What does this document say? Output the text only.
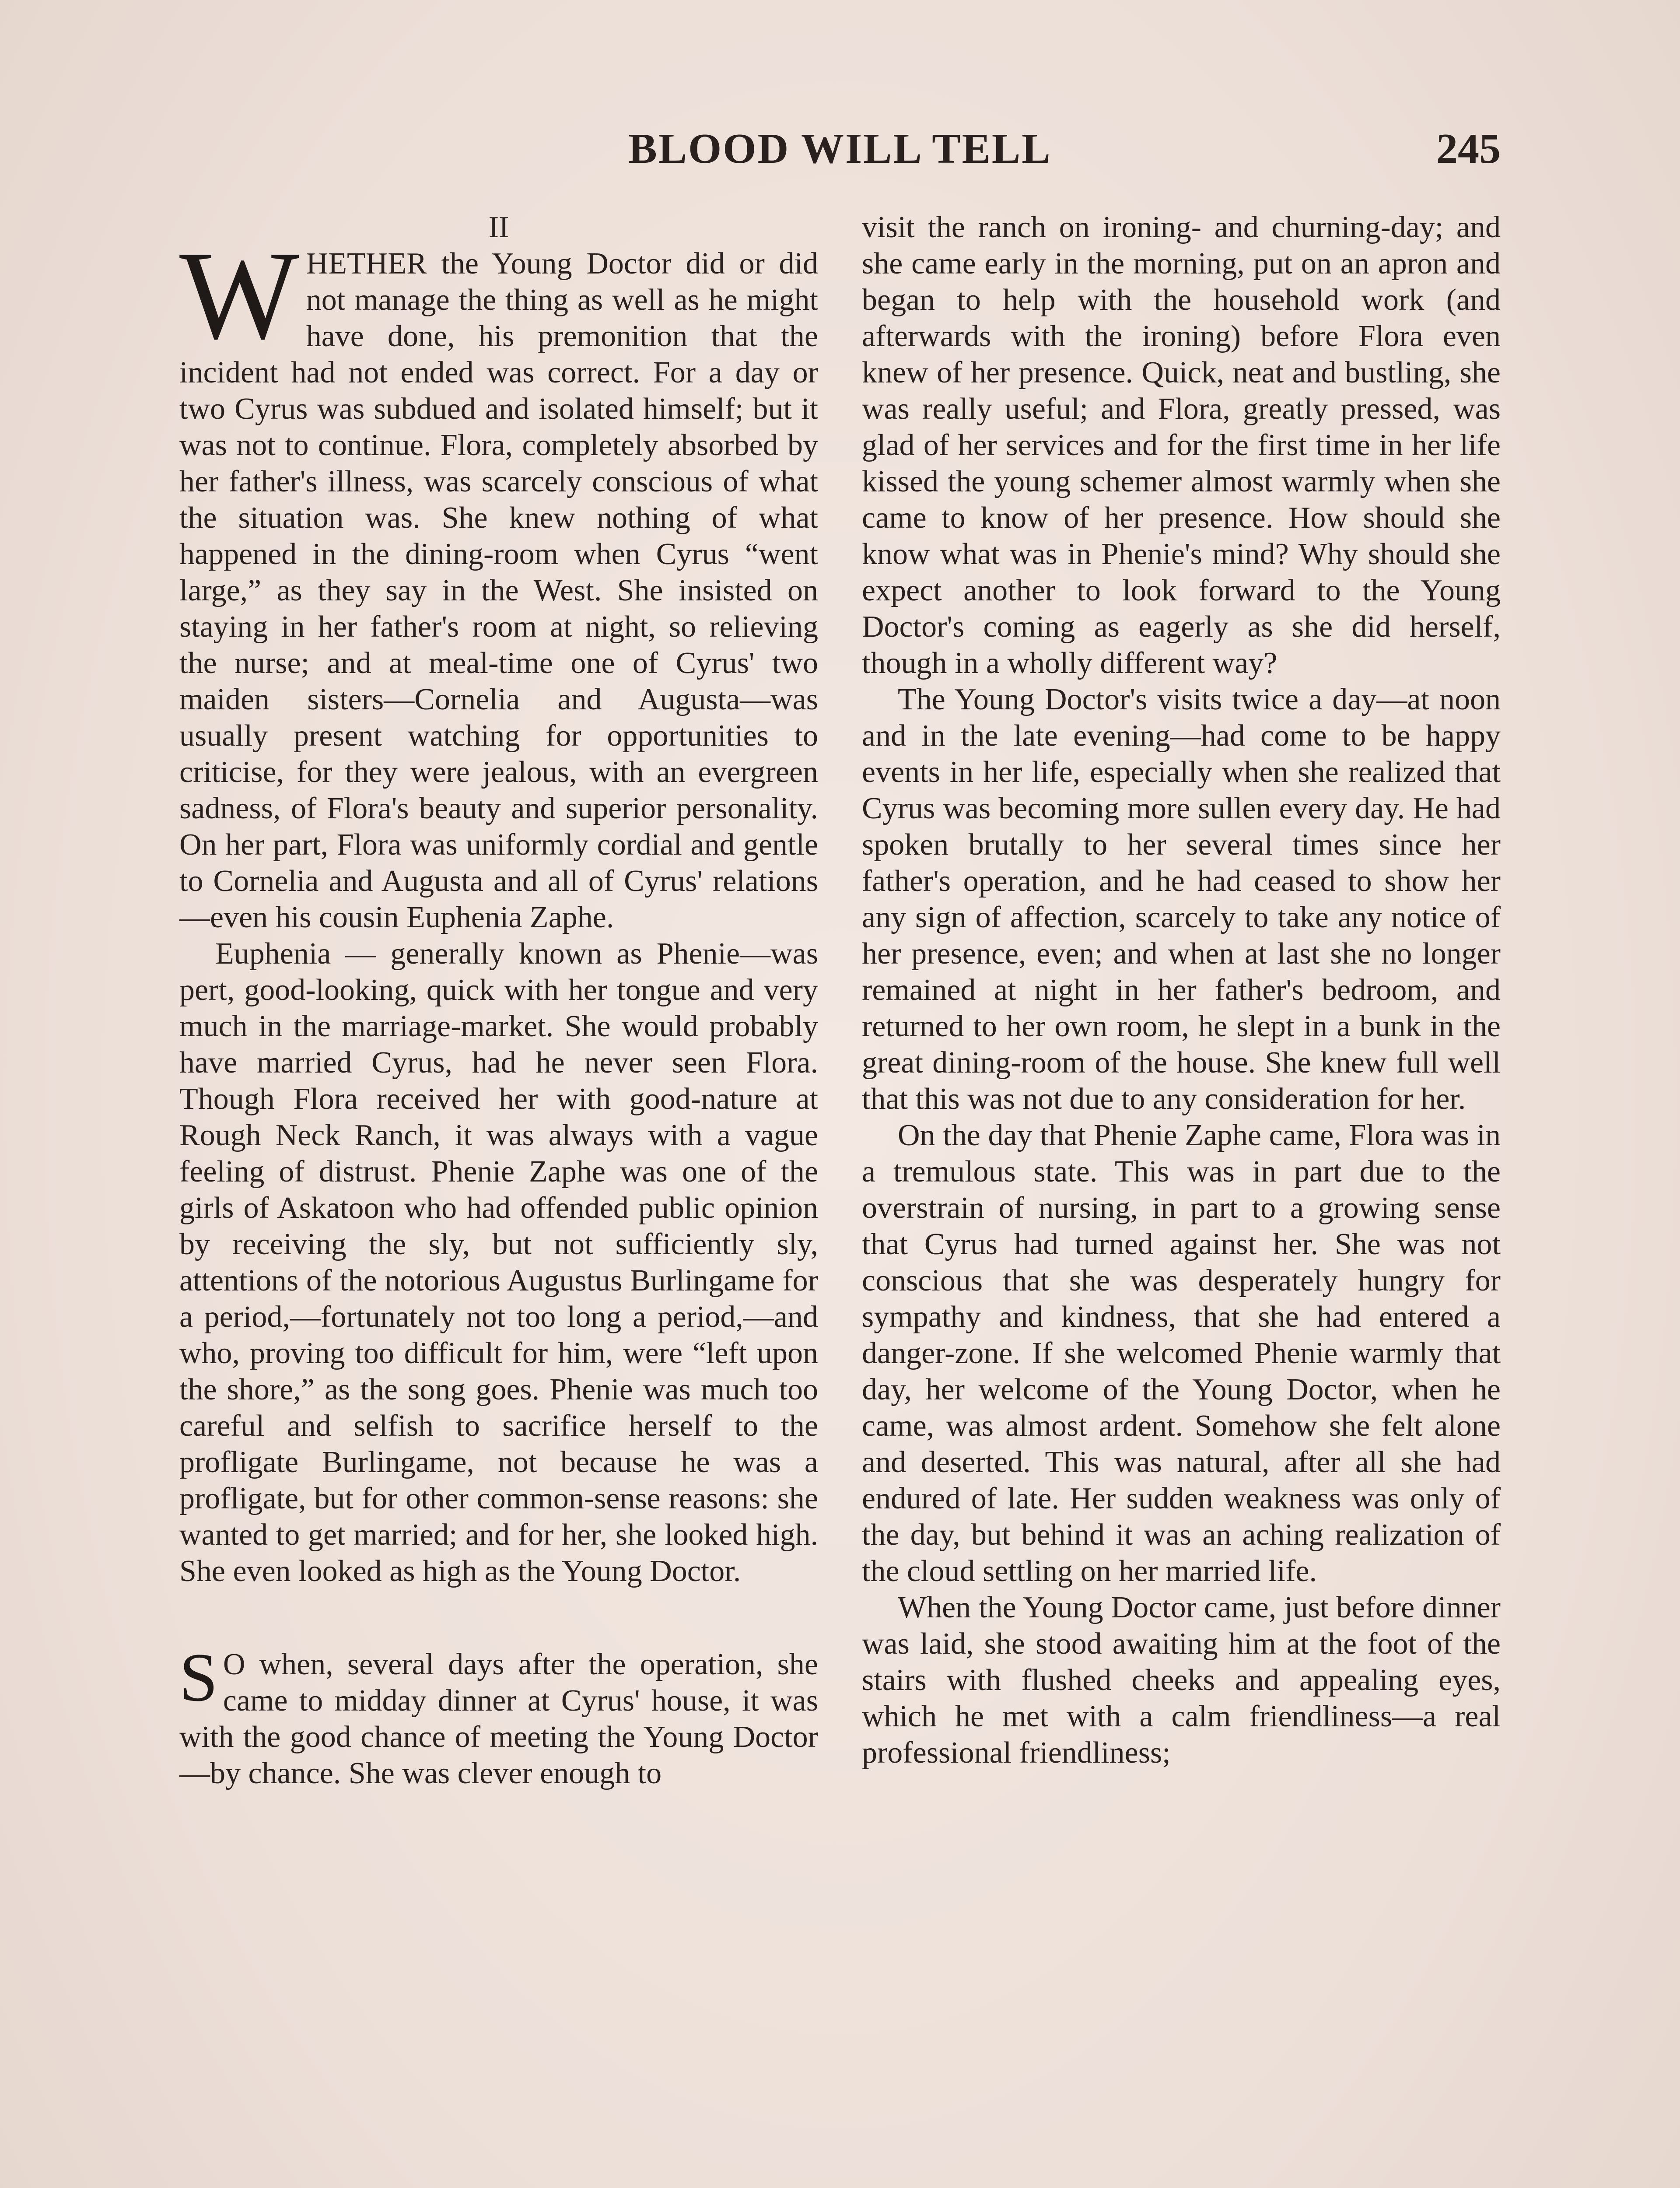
BLOOD WILL TELL	245

II

WHETHER the Young Doctor did or did not manage the thing as well as he might have done, his premonition that the incident had not ended was correct. For a day or two Cyrus was subdued and isolated himself; but it was not to continue. Flora, completely absorbed by her father's illness, was scarcely conscious of what the situation was. She knew nothing of what happened in the dining-room when Cyrus “went large,” as they say in the West. She insisted on staying in her father's room at night, so relieving the nurse; and at meal-time one of Cyrus' two maiden sisters—Cornelia and Augusta—was usually present watching for opportunities to criticise, for they were jealous, with an evergreen sadness, of Flora's beauty and superior personality. On her part, Flora was uniformly cordial and gentle to Cornelia and Augusta and all of Cyrus' relations—even his cousin Euphenia Zaphe.

Euphenia — generally known as Phenie—was pert, good-looking, quick with her tongue and very much in the marriage-market. She would probably have married Cyrus, had he never seen Flora. Though Flora received her with good-nature at Rough Neck Ranch, it was always with a vague feeling of distrust. Phenie Zaphe was one of the girls of Askatoon who had offended public opinion by receiving the sly, but not sufficiently sly, attentions of the notorious Augustus Burlingame for a period,—fortunately not too long a period,—and who, proving too difficult for him, were “left upon the shore,” as the song goes. Phenie was much too careful and selfish to sacrifice herself to the profligate Burlingame, not because he was a profligate, but for other common-sense reasons: she wanted to get married; and for her, she looked high. She even looked as high as the Young Doctor.

S O when, several days after the operation, she came to midday dinner at Cyrus' house, it was with the good chance of meeting the Young Doctor—by chance. She was clever enough to

visit the ranch on ironing- and churning-day; and she came early in the morning, put on an apron and began to help with the household work (and afterwards with the ironing) before Flora even knew of her presence. Quick, neat and bustling, she was really useful; and Flora, greatly pressed, was glad of her services and for the first time in her life kissed the young schemer almost warmly when she came to know of her presence. How should she know what was in Phenie's mind? Why should she expect another to look forward to the Young Doctor's coming as eagerly as she did herself, though in a wholly different way?

The Young Doctor's visits twice a day—at noon and in the late evening—had come to be happy events in her life, especially when she realized that Cyrus was becoming more sullen every day. He had spoken brutally to her several times since her father's operation, and he had ceased to show her any sign of affection, scarcely to take any notice of her presence, even; and when at last she no longer remained at night in her father's bedroom, and returned to her own room, he slept in a bunk in the great dining-room of the house. She knew full well that this was not due to any consideration for her.

On the day that Phenie Zaphe came, Flora was in a tremulous state. This was in part due to the overstrain of nursing, in part to a growing sense that Cyrus had turned against her. She was not conscious that she was desperately hungry for sympathy and kindness, that she had entered a danger-zone. If she welcomed Phenie warmly that day, her welcome of the Young Doctor, when he came, was almost ardent. Somehow she felt alone and deserted. This was natural, after all she had endured of late. Her sudden weakness was only of the day, but behind it was an aching realization of the cloud settling on her married life.

When the Young Doctor came, just before dinner was laid, she stood awaiting him at the foot of the stairs with flushed cheeks and appealing eyes, which he met with a calm friendliness—a real professional friendliness;
